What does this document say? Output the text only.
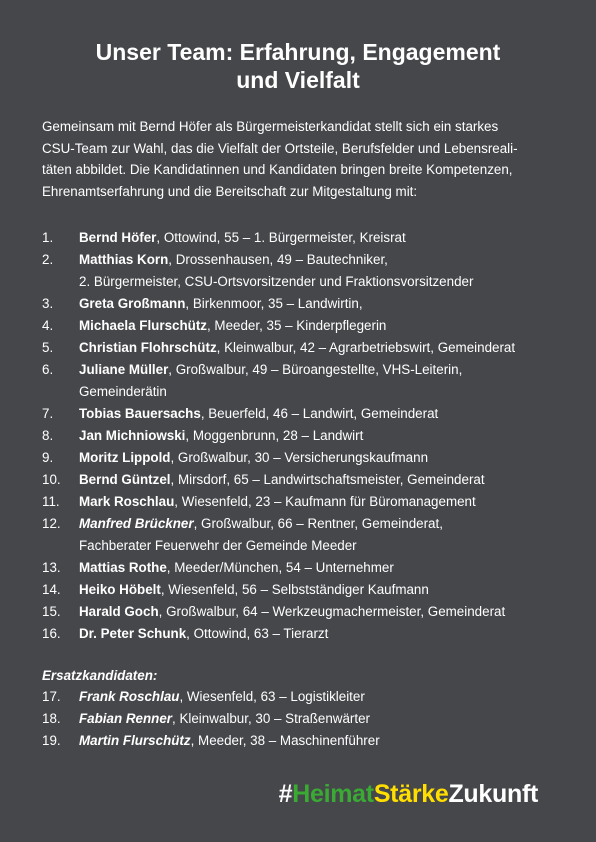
Unser Team: Erfahrung, Engagement
und Vielfalt
Gemeinsam mit Bernd Höfer als Bürgermeisterkandidat stellt sich ein starkes
CSU-Team zur Wahl, das die Vielfalt der Ortsteile, Berufsfelder und Lebensreali-
täten abbildet. Die Kandidatinnen und Kandidaten bringen breite Kompetenzen,
Ehrenamtserfahrung und die Bereitschaft zur Mitgestaltung mit:
1. Bernd Höfer, Ottowind, 55 – 1. Bürgermeister, Kreisrat
2. Matthias Korn, Drossenhausen, 49 – Bautechniker,
2. Bürgermeister, CSU-Ortsvorsitzender und Fraktionsvorsitzender
3. Greta Großmann, Birkenmoor, 35 – Landwirtin,
4. Michaela Flurschütz, Meeder, 35 – Kinderpflegerin
5. Christian Flohrschütz, Kleinwalbur, 42 – Agrarbetriebswirt, Gemeinderat
6. Juliane Müller, Großwalbur, 49 – Büroangestellte, VHS-Leiterin,
Gemeinderätin
7. Tobias Bauersachs, Beuerfeld, 46 – Landwirt, Gemeinderat
8. Jan Michniowski, Moggenbrunn, 28 – Landwirt
9. Moritz Lippold, Großwalbur, 30 – Versicherungskaufmann
10. Bernd Güntzel, Mirsdorf, 65 – Landwirtschaftsmeister, Gemeinderat
11. Mark Roschlau, Wiesenfeld, 23 – Kaufmann für Büromanagement
12. Manfred Brückner, Großwalbur, 66 – Rentner, Gemeinderat,
Fachberater Feuerwehr der Gemeinde Meeder
13. Mattias Rothe, Meeder/München, 54 – Unternehmer
14. Heiko Höbelt, Wiesenfeld, 56 – Selbstständiger Kaufmann
15. Harald Goch, Großwalbur, 64 – Werkzeugmachermeister, Gemeinderat
16. Dr. Peter Schunk, Ottowind, 63 – Tierarzt
Ersatzkandidaten:
17. Frank Roschlau, Wiesenfeld, 63 – Logistikleiter
18. Fabian Renner, Kleinwalbur, 30 – Straßenwärter
19. Martin Flurschütz, Meeder, 38 – Maschinenführer
#HeimatStärkeZukunft
